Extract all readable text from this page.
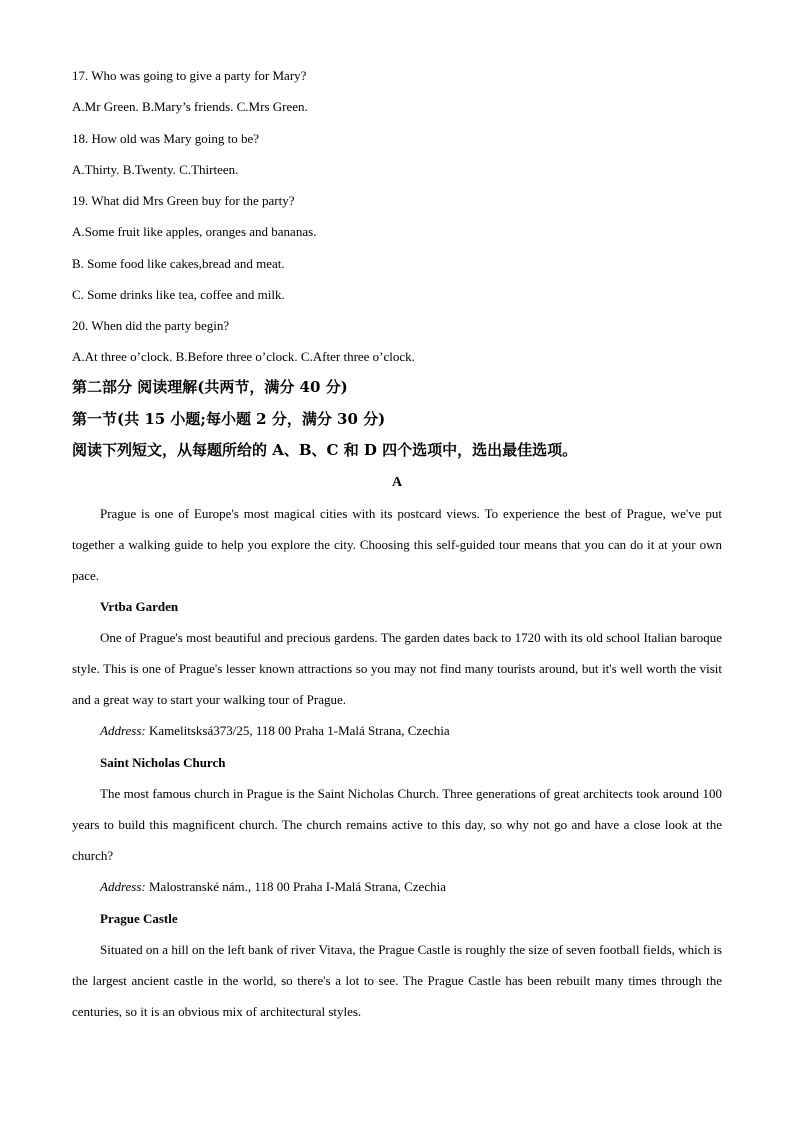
17. Who was going to give a party for Mary?
A.Mr Green. B.Mary’s friends. C.Mrs Green.
18. How old was Mary going to be?
A.Thirty. B.Twenty. C.Thirteen.
19. What did Mrs Green buy for the party?
A.Some fruit like apples, oranges and bananas.
B. Some food like cakes,bread and meat.
C. Some drinks like tea, coffee and milk.
20. When did the party begin?
A.At three o’clock. B.Before three o’clock. C.After three o’clock.
第二部分 阅读理解(共两节，满分 40 分)
第一节(共 15 小题;每小题 2 分，满分 30 分)
阅读下列短文，从每题所给的 A、B、C 和 D 四个选项中，选出最佳选项。
A
Prague is one of Europe's most magical cities with its postcard views. To experience the best of Prague, we've put together a walking guide to help you explore the city. Choosing this self-guided tour means that you can do it at your own pace.
Vrtba Garden
One of Prague's most beautiful and precious gardens. The garden dates back to 1720 with its old school Italian baroque style. This is one of Prague's lesser known attractions so you may not find many tourists around, but it's well worth the visit and a great way to start your walking tour of Prague.
Address: Kamelitsksá373/25, 118 00 Praha 1-Malá Strana, Czechia
Saint Nicholas Church
The most famous church in Prague is the Saint Nicholas Church. Three generations of great architects took around 100 years to build this magnificent church. The church remains active to this day, so why not go and have a close look at the church?
Address: Malostranské nám., 118 00 Praha I-Malá Strana, Czechia
Prague Castle
Situated on a hill on the left bank of river Vitava, the Prague Castle is roughly the size of seven football fields, which is the largest ancient castle in the world, so there's a lot to see. The Prague Castle has been rebuilt many times through the centuries, so it is an obvious mix of architectural styles.
